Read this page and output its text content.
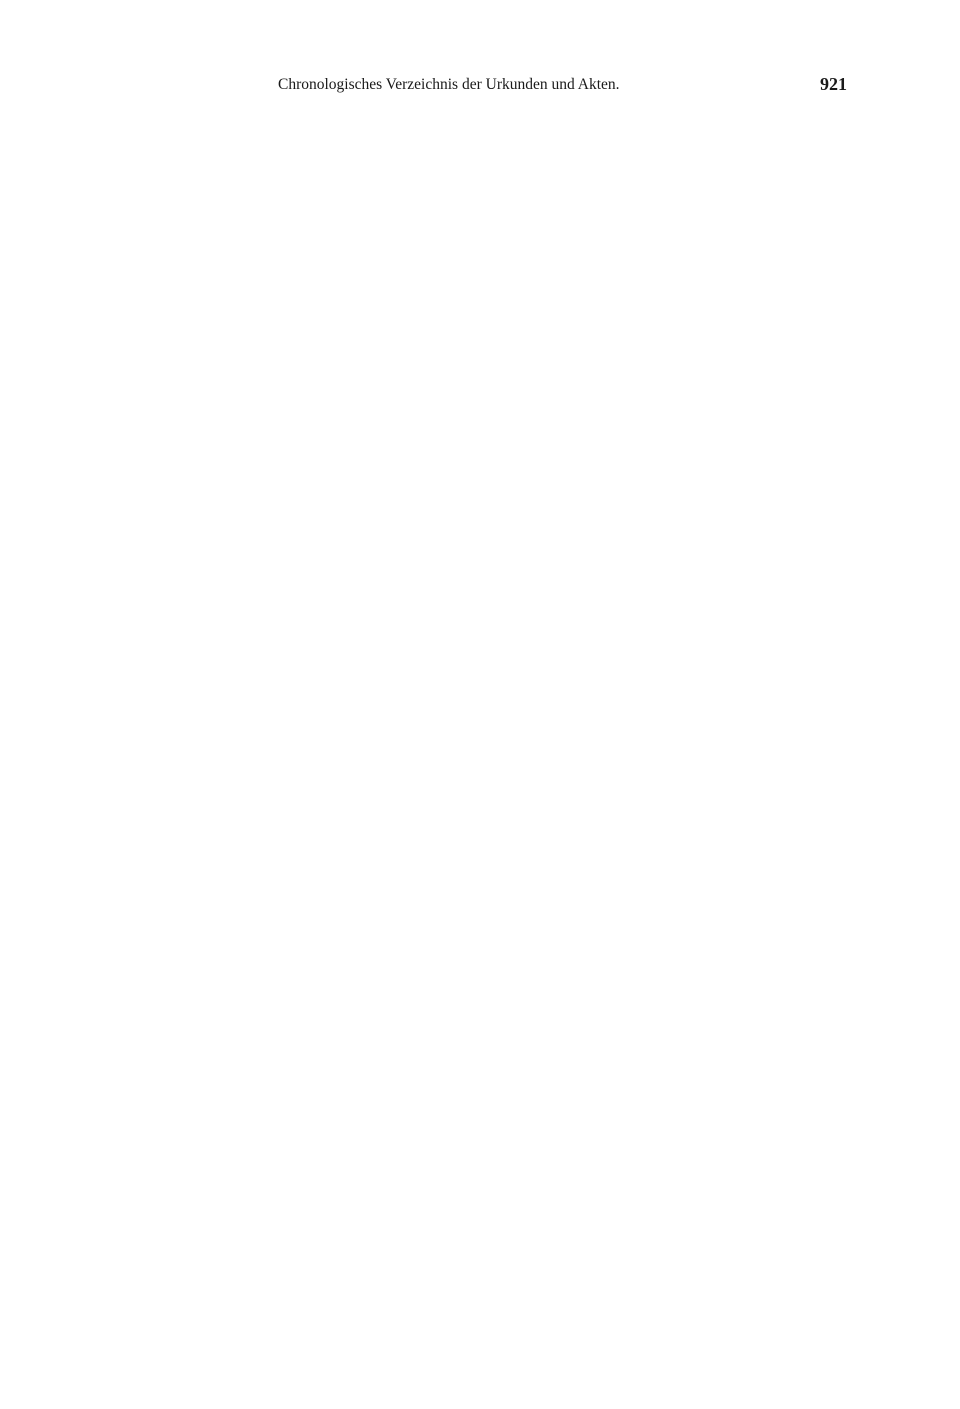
Chronologisches Verzeichnis der Urkunden und Akten.	921
